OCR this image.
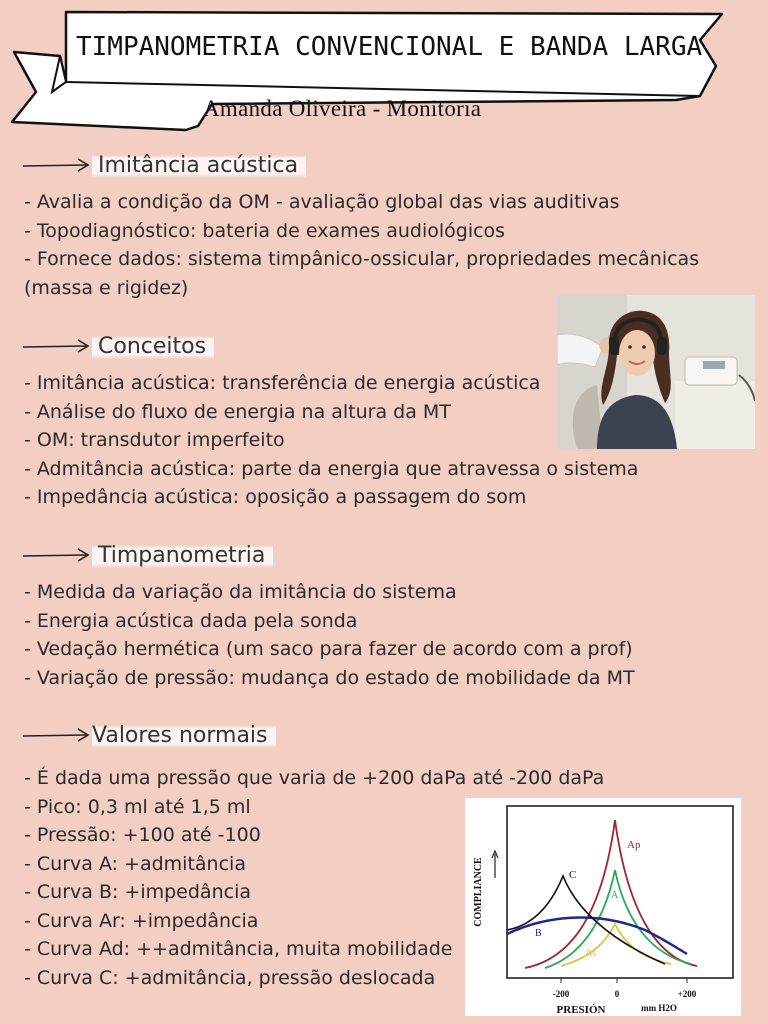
TIMPANOMETRIA CONVENCIONAL E BANDA LARGA
Amanda Oliveira - Monitoria
Imitância acústica
- Avalia a condição da OM - avaliação global das vias auditivas
- Topodiagnóstico: bateria de exames audiológicos
- Fornece dados: sistema timpânico-ossicular, propriedades mecânicas (massa e rigidez)
Conceitos
- Imitância acústica: transferência de energia acústica
- Análise do fluxo de energia na altura da MT
- OM: transdutor imperfeito
- Admitância acústica: parte da energia que atravessa o sistema
- Impedância acústica: oposição a passagem do som
Timpanometria
- Medida da variação da imitância do sistema
- Energia acústica dada pela sonda
- Vedação hermética (um saco para fazer de acordo com a prof)
- Variação de pressão: mudança do estado de mobilidade da MT
Valores normais
- É dada uma pressão que varia de +200 daPa até -200 daPa
- Pico: 0,3 ml até 1,5 ml
- Pressão: +100 até -100
- Curva A: +admitância
- Curva B: +impedância
- Curva Ar: +impedância
- Curva Ad: ++admitância, muita mobilidade
- Curva C: +admitância, pressão deslocada
COMPLIANCE
-200	0	+200
PRESIÓN	mm H2O
C
Ap
A
B
As
